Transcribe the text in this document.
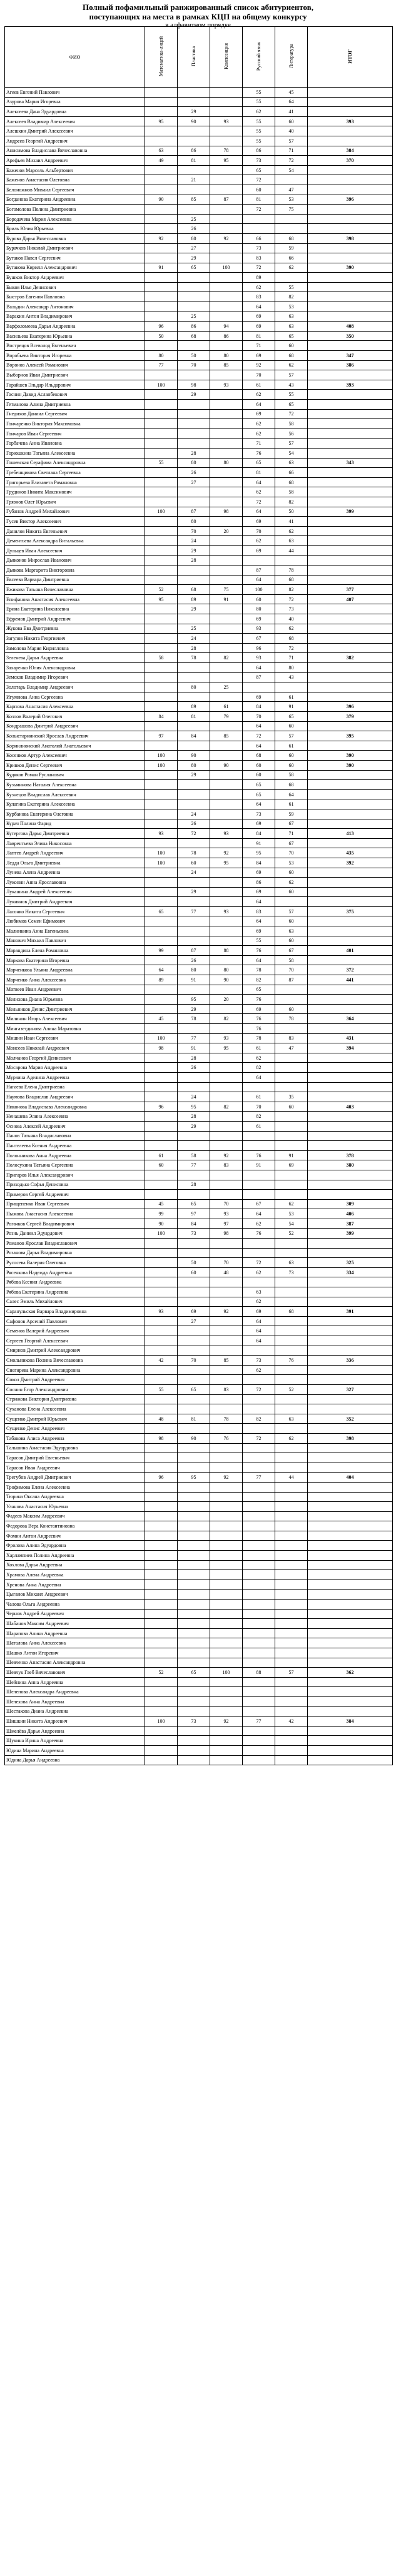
Полный пофамильный ранжированный список абитуриентов,
поступающих на места в рамках КЦП на общему конкурсу
в алфавитном порядке
ФИО	Математика-лицей	Пластика	Композиция	Русский язык	Литература	ИТОГ
Агеев Евгений Павлович				55	45	
Азурова Мария Игоревна				55	64	
Алексеева Дана Эдуардовна		29		62	41	
Алексеев Владимир Алексеевич	95	90	93	55	60	393
Алешкин Дмитрий Алексеевич				55	40	
Андреев Георгий Андреевич				55	57	
Анисимова Владислава Вячеславовна	63	86	78	86	71	384
Арефьев Михаил Андреевич	49	81	95	73	72	370
Баженов Марсель Альбертович				65	54	
Баженов Анастасия Олеговна		21		72		
Белоножнов Михаил Сергеевич				60	47	
Богданова Екатерина Андреевна	90	85	87	81	53	396
Богомолова Полина Дмитриевна				72	75	
Бородачева Мария Алексеевна		25				
Бриль Юлия Юрьевна		26				
Бурова Дарья Вячеславовна	92	80	92	66	68	398
Бурачков Николай Дмитриевич		27		73	59	
Бутаков Павел Сергеевич		29		83	66	
Бутакова Кирилл Александрович	91	65	100	72	62	390
Бушков Виктор Андреевич				89		
Быков Илья Денисович				62	55	
Быстров Евгения Павловна				83	82	
Вальдин Александр Антонович				64	53	
Варакин Антон Владимирович		25		69	63	
Варфоломеева Дарья Андреевна	96	86	94	69	63	408
Васильева Екатерина Юрьевна	50	68	86	81	65	350
Вострецов Всеволод Евгеньевич				71	60	
Воробьева Виктория Игоревна	80	50	80	69	68	347
Воронов Алексей Романович	77	70	85	92	62	386
Выборнов Иван Дмитриевич				70	57	
Гарайшев Эльдар Ильдарович	100	98	93	61	43	393
Гаснин Давид Асланбекович		29		62	55	
Гетманова Алина Дмитриевна				64	65	
Гнедихов Даниил Сергеевич				69	72	
Гончаренко Виктория Максимовна				62	58	
Гончаров Иван Сергеевич				62	56	
Горбачева Анна Ивановна				71	57	
Горюшкина Татьяна Алексеевна		28		76	54	
Гошевская Серафима Александровна	55	80	80	65	63	343
Гребенщикова Светлана Сергеевна		26		81	66	
Григорьева Елизавета Романовна		27		64	68	
Грудинов Никита Максимович				62	58	
Грязнов Олег Юрьевич				72	82	
Губанов Андрей Михайлович	100	87	98	64	50	399
Гусев Виктор Алексеевич		80		69	41	
Данилов Никита Евгеньевич		70	20	70	62	
Дементьева Александра Витальевна		24		62	63	
Дульцев Иван Алексеевич		29		69	44	
Дьяконов Мирослав Иванович		28				
Дьякова Маргарита Викторовна				87	78	
Евсеева Варвара Дмитриевна				64	68	
Ежикова Татьяна Вячеславовна	52	68	75	100	82	377
Епифанова Анастасия Алексеевна	95	89	91	60	72	407
Ерина Екатерина Николаевна		29		80	73	
Ефремов Дмитрий Андреевич				69	40	
Жукова Ева Дмитриевна		25		93	62	
Загулов Никита Георгиевич		24		67	68	
Замолова Мария Кирилловна		28		96	72	
Зеленева Дарья Андреевна	58	78	82	93	71	382
Захаренко Юлия Александровна				64	80	
Земсков Владимир Игоревич				87	43	
Золотарь Владимир Андреевич		80	25			
Игумнова Анна Сергеевна				69	61	
Карпова Анастасия Алексеевна		89	61	84	91	396
Козлов Валерий Олегович	84	81	79	70	65	379
Кондрашова Дмитрий Андреевич				64	60	
Колыстарнинский Ярослав Андреевич	97	84	85	72	57	395
Корнилионский Анатолий Анатольевич				64	61	
Косенков Артур Алексеевич	100	90		68	60	390
Кривков Денис Сергеевич	100	80	90	60	60	390
Кудяков Роман Русланович		29		60	58	
Кузьминова Наталия Алексеевна				65	68	
Кузнецов Владислав Алексеевич				65	64	
Кулагина Екатерина Алексеевна				64	61	
Курбанова Екатерина Олеговна		24		73	59	
Курач Полина Фарид		26		69	67	
Кутергова Дарья Дмитриевна	93	72	93	84	71	413
Лаврентьева Элина Никосовна				91	67	
Лаптев Андрей Андреевич	100	78	92	95	70	435
Ледда Ольга Дмитриевна	100	60	95	84	53	392
Лунева Алена Андреевна		24		69	60	
Луконин Анна Ярославовна				86	62	
Лукашина Андрей Алексеевич		29		69	60	
Лукиянов Дмитрий Андреевич				64		
Ласонко Никита Сергеевич	65	77	93	83	57	375
Любимов Семен Ефимович				64	60	
Малинкина Анна Евгеньевна				69	63	
Манович Михаил Павлович				55	60	
Марандина Елена Романовна	99	87	88	76	67	401
Маркова Екатерина Игоревна		26		64	58	
Марченкова Ульяна Андреевна	64	80	80	78	70	372
Марченко Анна Алексеевна	89	91	90	82	87	441
Матвеев Иван Андреевич				65		
Мелихова Диана Юрьевна		95	20	76		
Мельников Денис Дмитриевич		29		69	60	
Милинин Игорь Алексеевич	45	78	82	76	78	364
Мингазетдинова Алина Маратовна				76		
Мишин Иван Сергеевич	100	77	93	78	83	431
Моисеев Николай Андреевич	98	91	95	61	47	394
Молчанов Георгий Денисович		28		62		
Мосарова Мария Андреевна		26		82		
Мурзина Аделина Андреевна				64		
Нагаева Елена Дмитриевна						
Наумова Владислав Андреевич		24		61	35	
Никонова Владислава Александровна	96	95	82	70	60	403
Ненашева Элина Алексеевна		28		82		
Основа Алексей Андреевич		29		61		
Панов Татьяна Владиславовна						
Пантелеева Ксения Андреевна						
Полонникова Анна Андреевна	61	58	92	76	91	378
Полосухина Татьяна Сергеевна	60	77	83	91	69	380
Пригаров Илья Александрович						
Приходько Софья Денисовна		28				
Примеров Сергей Андреевич						
Прищепенко Иван Сергеевич	45	65	70	67	62	309
Пыжова Анастасия Алексеевна	99	97	93	64	53	406
Рогачков Сергей Владимирович	90	84	97	62	54	387
Рознь Даниил Эдуардович	100	73	98	76	52	399
Романов Ярослав Владиславович						
Розанова Дарья Владимировна						
Русосева Валерия Олеговна		50	70	72	63	325
Рясенкова Надежда Андреевна		60	48	62	73	334
Рябова Ксения Андреевна						
Рябова Екатерина Андреевна				63		
Салес Эмиль Михайлович				62		
Саранульская Варвара Владимировна	93	69	92	69	68	391
Сафонов Арсений Павлович		27		64		
Семенов Валерий Андреевич				64		
Сергеев Георгий Алексеевич				64		
Смирнов Дмитрий Александрович						
Смольникова Полина Вячеславовна	42	70	85	73	76	336
Снегирева Марина Александровна				62		
Сокол Дмитрий Андреевич						
Соснин Егор Александрович	55	65	83	72	52	327
Стрижова Виктория Дмитриевна						
Суханова Елена Алексеевна						
Сущенко Дмитрий Юрьевич	48	81	78	82	63	352
Сущенко Денис Андреевич						
Табакова Алиса Андреевна	98	90	76	72	62	398
Тальшина Анастасия Эдуардовна						
Тарасов Дмитрий Евгеньевич						
Тарасов Иван Андреевич						
Трегубов Андрей Дмитриевич	96	95	92	77	44	404
Трофимова Елена Алексеевна						
Тюрина Оксана Андреевна						
Уланова Анастасия Юрьевна						
Фадеев Максим Андреевич						
Федорова Вера Константиновна						
Фомин Антон Андреевич						
Фролова Алина Эдуардовна						
Харлампиев Полина Андреевна						
Хохлова Дарья Андреевна						
Храмова Алена Андреевна						
Хренова Анна Андреевна						
Цыганов Михаил Андреевич						
Чалова Ольга Андреевна						
Чернов Андрей Андреевич						
Шабанов Максим Андреевич						
Шарапова Алина Андреевна						
Шаталова Анна Алексеевна						
Шашко Антон Игоревич						
Шевченко Анастасия Александровна						
Шевчук Глеб Вячеславович	52	65	100	88	57	362
Шейнина Анна Андреевна						
Шелепова Александра Андреевна						
Шелехова Анна Андреевна						
Шестакова Диана Андреевна						
Шишкин Никита Андреевич	100	73	92	77	42	384
Шмелёва Дарья Андреевна						
Щукина Ирина Андреевна						
Юдина Марина Андреевна						
Юдина Дарья Андреевна						
